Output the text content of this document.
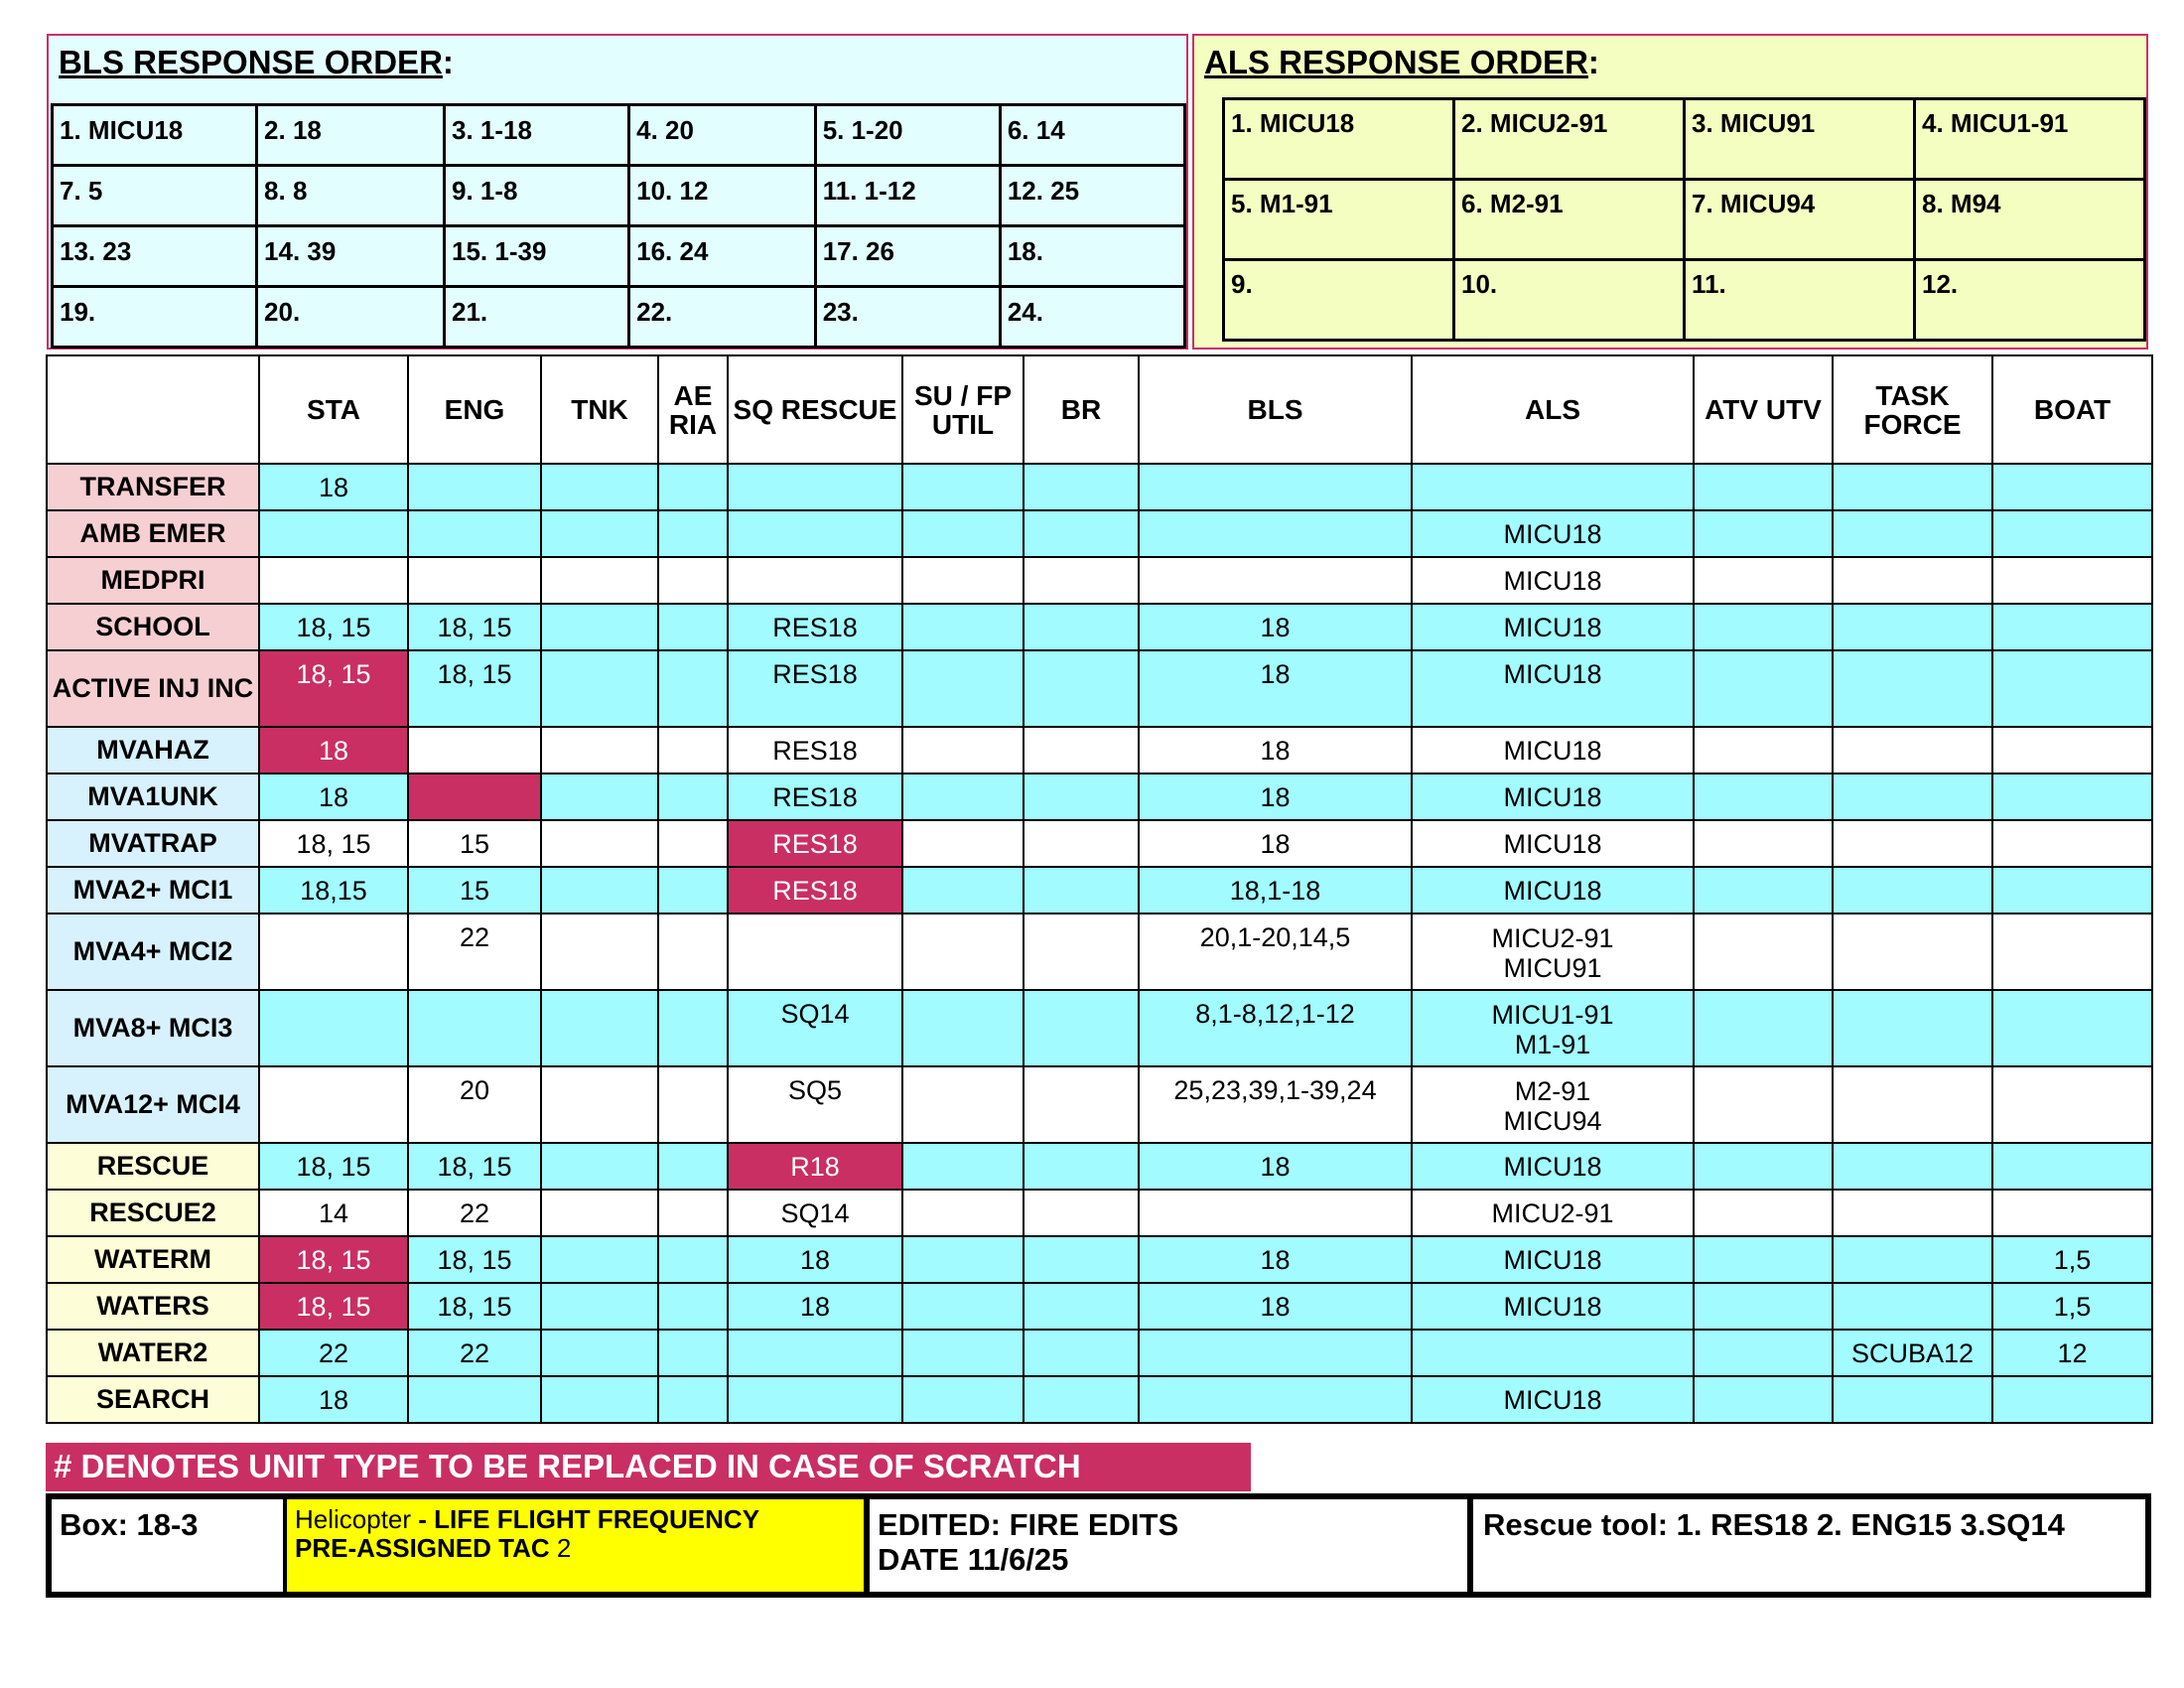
BLS RESPONSE ORDER:
1. MICU18	2. 18	3. 1-18	4. 20	5. 1-20	6. 14
7. 5	8. 8	9. 1-8	10. 12	11. 1-12	12. 25
13. 23	14. 39	15. 1-39	16. 24	17. 26	18.
19.	20.	21.	22.	23.	24.
ALS RESPONSE ORDER:
1. MICU18	2. MICU2-91	3. MICU91	4. MICU1-91
5. M1-91	6. M2-91	7. MICU94	8. M94
9.	10.	11.	12.
	STA	ENG	TNK	AE RIA	SQ RESCUE	SU / FP UTIL	BR	BLS	ALS	ATV UTV	TASK FORCE	BOAT
TRANSFER	18											
AMB EMER									MICU18			
MEDPRI									MICU18			
SCHOOL	18, 15	18, 15			RES18			18	MICU18			
ACTIVE INJ INC	18, 15	18, 15			RES18			18	MICU18			
MVAHAZ	18				RES18			18	MICU18			
MVA1UNK	18				RES18			18	MICU18			
MVATRAP	18, 15	15			RES18			18	MICU18			
MVA2+ MCI1	18,15	15			RES18			18,1-18	MICU18			
MVA4+ MCI2		22						20,1-20,14,5	MICU2-91
MICU91			

MVA8+ MCI3					SQ14			8,1-8,12,1-12	MICU1-91
M1-91			

MVA12+ MCI4		20			SQ5			25,23,39,1-39,24	M2-91
MICU94			

RESCUE	18, 15	18, 15			R18			18	MICU18			
RESCUE2	14	22			SQ14				MICU2-91			
WATERM	18, 15	18, 15			18			18	MICU18			1,5
WATERS	18, 15	18, 15			18			18	MICU18			1,5
WATER2	22	22									SCUBA12	12
SEARCH	18								MICU18			
# DENOTES UNIT TYPE TO BE REPLACED IN CASE OF SCRATCH
Box: 18-3	Helicopter - LIFE FLIGHT FREQUENCY
PRE-ASSIGNED TAC 2
EDITED: FIRE EDITS
DATE 11/6/25
Rescue tool: 1. RES18 2. ENG15 3.SQ14
